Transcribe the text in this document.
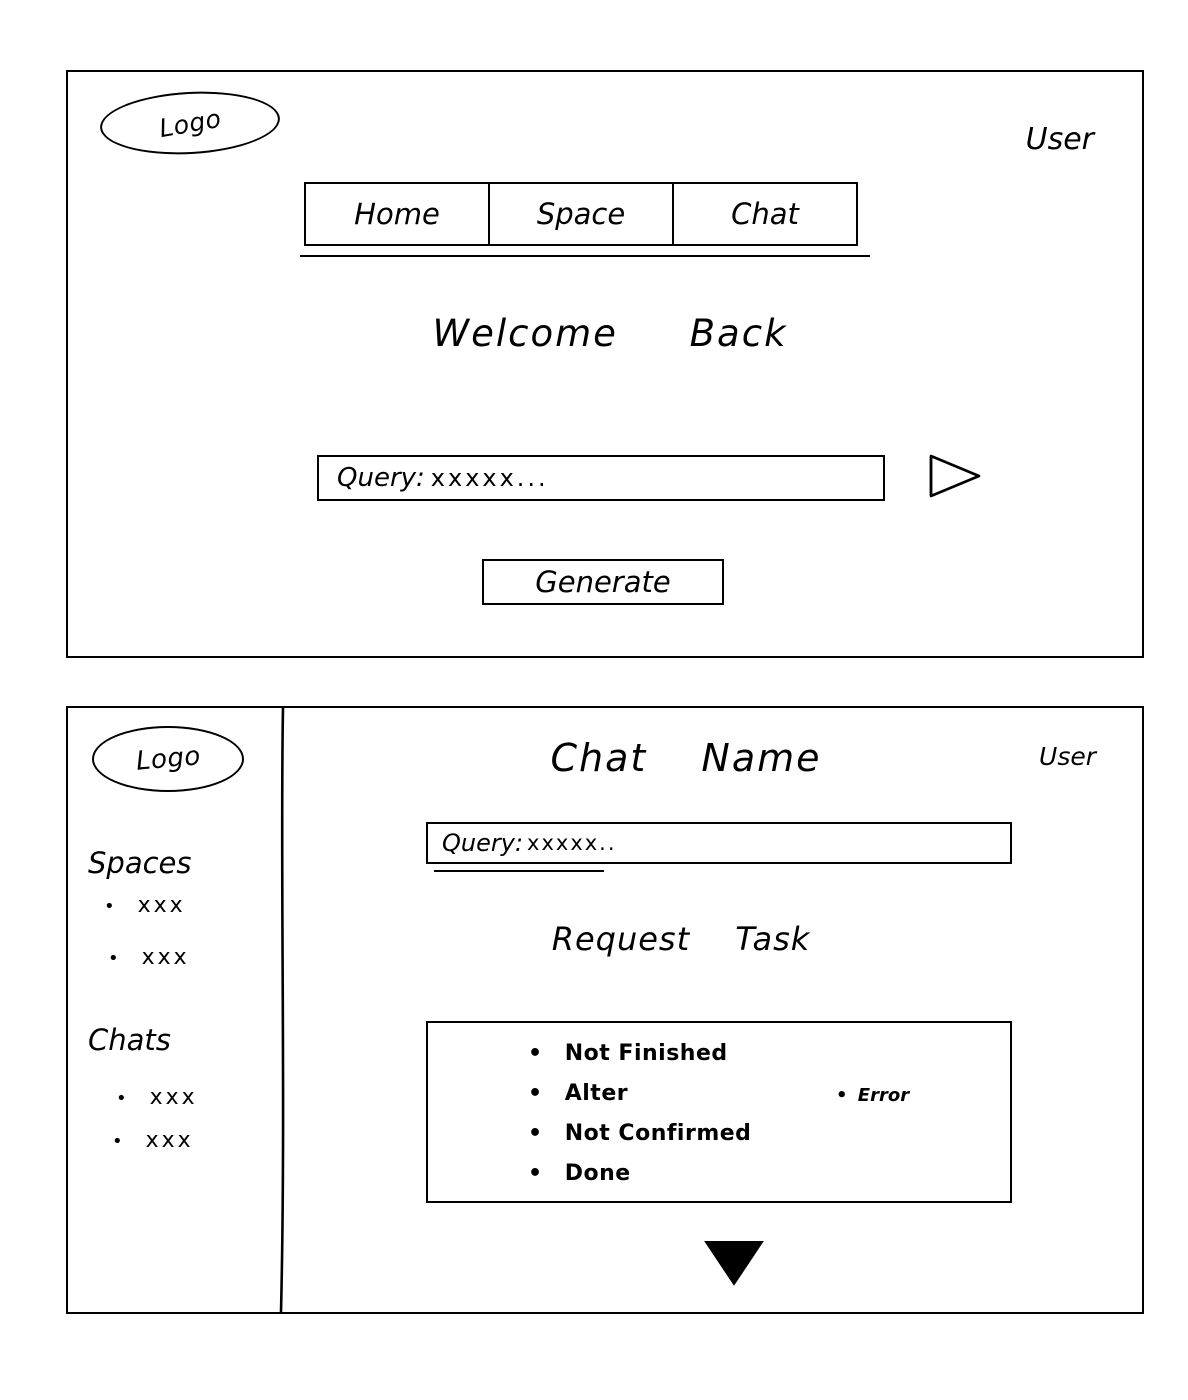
Logo	User
Home	Space	Chat
Welcome Back
Query: xxxxx...
Generate
Logo	User
Spaces
• xxx
• xxx
Chats
• xxx
• xxx
Chat Name
Query: xxxxx..
Request Task
• Not Finished
• Alter
• Not Confirmed
• Done
• Error
